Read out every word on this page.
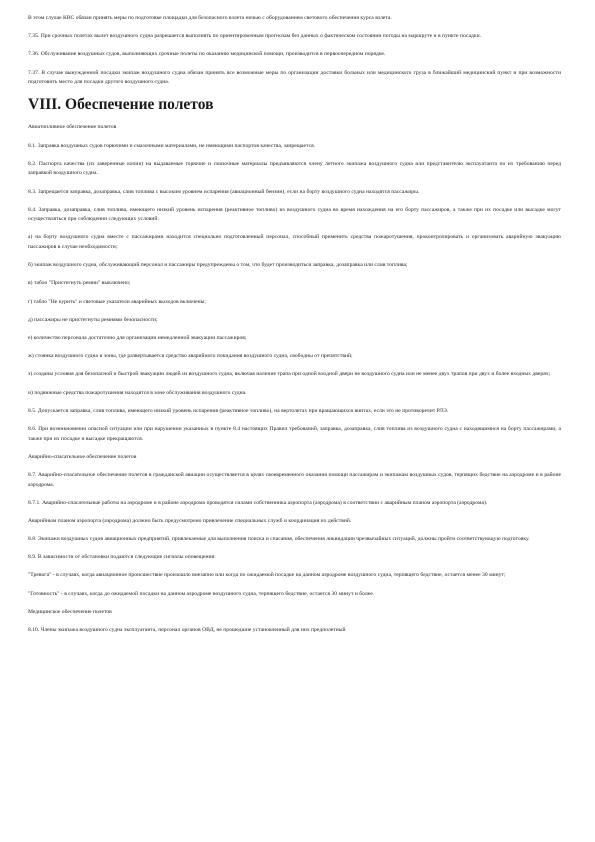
В этом случае КВС обязан принять меры по подготовке площадки для безопасного взлета ночью с оборудованием светового обеспечения курса взлета.

7.35. При срочных полетах вылет воздушного судна разрешается выполнять по ориентировочным прогнозам без данных о фактическом состоянии погоды на маршруте и в пункте посадки.

7.36. Обслуживание воздушных судов, выполняющих срочные полеты по оказанию медицинской помощи, производится в первоочередном порядке.

7.37. В случае вынужденной посадки экипаж воздушного судна обязан принять все возможные меры по организации доставки больных или медицинского груза в ближайший медицинский пункт и при возможности подготовить место для посадки другого воздушного судна.

VIII. Обеспечение полетов
Авиатопливное обеспечение полетов

8.1. Заправка воздушных судов горючими и смазочными материалами, не имеющими паспортов качества, запрещается.

8.2. Паспорта качества (их заверенные копии) на выдаваемые горючие и смазочные материалы предъявляются члену летного экипажа воздушного судна или представителю эксплуатанта по их требованию перед заправкой воздушного судна.

8.3. Запрещается заправка, дозаправка, слив топлива с высоким уровнем испарения (авиационный бензин), если на борту воздушного судна находятся пассажиры.

8.4. Заправка, дозаправка, слив топлива, имеющего низкий уровень испарения (реактивное топливо) из воздушного судна во время нахождения на его борту пассажиров, а также при их посадке или высадке могут осуществляться при соблюдении следующих условий:

а) на борту воздушного судна вместе с пассажирами находится специально подготовленный персонал, способный применить средства пожаротушения, проконтролировать и организовать аварийную эвакуацию пассажиров в случае необходимости;

б) экипаж воздушного судна, обслуживающий персонал и пассажиры предупреждены о том, что будет производиться заправка, дозаправка или слив топлива;

в) табло "Пристегнуть ремни" выключено;

г) табло "Не курить" и световые указатели аварийных выходов включены;

д) пассажиры не пристегнуты ремнями безопасности;

е) количество персонала достаточно для организации немедленной эвакуации пассажиров;

ж) стоянка воздушного судна и зоны, где развертывается средство аварийного покидания воздушного судна, свободны от препятствий;

з) созданы условия для безопасной и быстрой эвакуации людей из воздушного судна, включая наличие трапа при одной входной двери не воздушного судна или не менее двух трапов при двух и более входных дверях;

и) подвижные средства пожаротушения находятся в зоне обслуживания воздушного судна.

8.5. Допускается заправка, слив топлива, имеющего низкий уровень испарения (реактивное топливо), на вертолетах при вращающихся винтах, если это не противоречит РЛЭ.

8.6. При возникновении опасной ситуации или при нарушении указанных в пункте 8.4 настоящих Правил требований, заправка, дозаправка, слив топлива из воздушного судна с находящимися на борту пассажирами, а также при их посадке и высадке прекращаются.

Аварийно-спасательное обеспечение полетов

8.7. Аварийно-спасательное обеспечение полетов в гражданской авиации осуществляется в целях своевременного оказания помощи пассажирам и экипажам воздушных судов, терпящих бедствие на аэродроме и в районе аэродрома.

8.7.1. Аварийно-спасательные работы на аэродроме и в районе аэродрома проводятся силами собственника аэропорта (аэродрома) в соответствии с аварийным планом аэропорта (аэродрома).

Аварийным планом аэропорта (аэродрома) должно быть предусмотрено привлечение специальных служб и координация их действий.

8.8. Экипажи воздушных судов авиационных предприятий, привлекаемые для выполнения поиска и спасания, обеспечения ликвидации чрезвычайных ситуаций, должны пройти соответствующую подготовку.

8.9. В зависимости от обстановки подаются следующие сигналы оповещения:

"Тревога" - в случаях, когда авиационное происшествие произошло внезапно или когда по ожидаемой посадке на данном аэродроме воздушного судна, терпящего бедствие, остается менее 30 минут;

"Готовность" - в случаях, когда до ожидаемой посадки на данном аэродроме воздушного судна, терпящего бедствие, остается 30 минут и более.

Медицинское обеспечение полетов

8.10. Члены экипажа воздушного судна эксплуатанта, персонал органов ОВД, не прошедшие установленный для них предполетный
